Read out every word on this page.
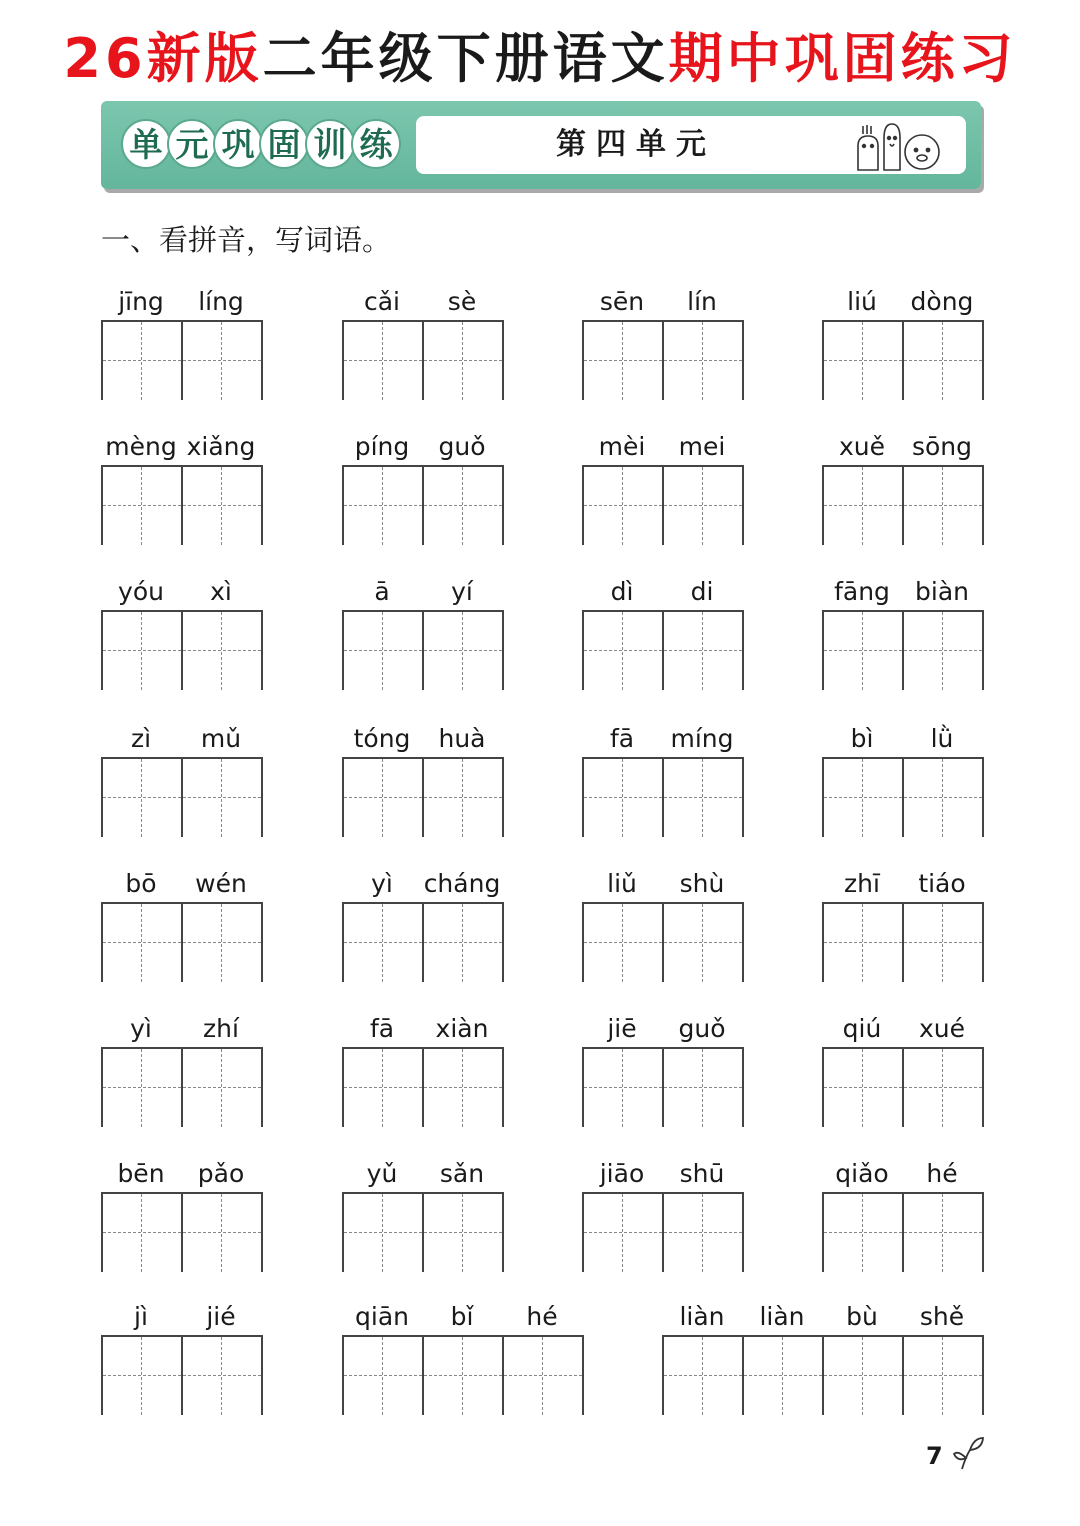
26新版二年级下册语文期中巩固练习
单 元 巩 固 训 练	第四单元
一、看拼音，写词语。
jīng	líng	cǎi	sè	sēn	lín	liú	dòng
mèng xiǎng	píng	guǒ	mèi	mei	xuě	sōng
yóu	xì	ā	yí	dì	di	fāng	biàn
zì	mǔ	tóng	huà	fā	míng	bì	lǜ
bō	wén	yì	cháng	liǔ	shù	zhī	tiáo
yì	zhí	fā	xiàn	jiē	guǒ	qiú	xué
bēn	pǎo	yǔ	sǎn	jiāo	shū	qiǎo	hé
jì	jié	qiān	bǐ	hé	liàn	liàn	bù	shě
7
